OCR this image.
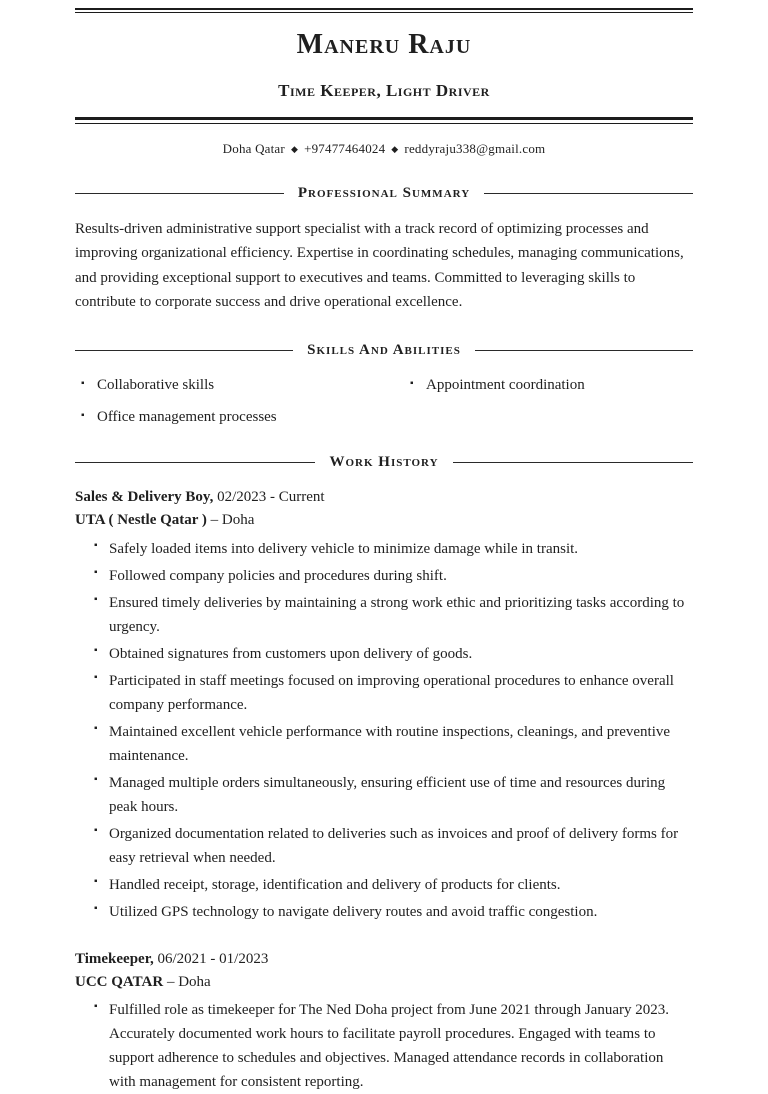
Maneru Raju
Time Keeper, Light Driver

Doha Qatar ◆ +97477464024 ◆ reddyraju338@gmail.com

Professional Summary

Results-driven administrative support specialist with a track record of optimizing processes and improving organizational efficiency. Expertise in coordinating schedules, managing communications, and providing exceptional support to executives and teams. Committed to leveraging skills to contribute to corporate success and drive operational excellence.

Skills And Abilities
▪ Collaborative skills
▪ Office management processes
▪ Appointment coordination
Work History

Sales & Delivery Boy, 02/2023 - Current

UTA ( Nestle Qatar ) – Doha

▪ Safely loaded items into delivery vehicle to minimize damage while in transit.
▪ Followed company policies and procedures during shift.
▪ Ensured timely deliveries by maintaining a strong work ethic and prioritizing tasks according to urgency.
▪ Obtained signatures from customers upon delivery of goods.
▪ Participated in staff meetings focused on improving operational procedures to enhance overall company performance.
▪ Maintained excellent vehicle performance with routine inspections, cleanings, and preventive maintenance.
▪ Managed multiple orders simultaneously, ensuring efficient use of time and resources during peak hours.
▪ Organized documentation related to deliveries such as invoices and proof of delivery forms for easy retrieval when needed.
▪ Handled receipt, storage, identification and delivery of products for clients.
▪ Utilized GPS technology to navigate delivery routes and avoid traffic congestion.

Timekeeper, 06/2021 - 01/2023

UCC QATAR – Doha

▪ Fulfilled role as timekeeper for The Ned Doha project from June 2021 through January 2023. Accurately documented work hours to facilitate payroll procedures. Engaged with teams to support adherence to schedules and objectives. Managed attendance records in collaboration with management for consistent reporting.
